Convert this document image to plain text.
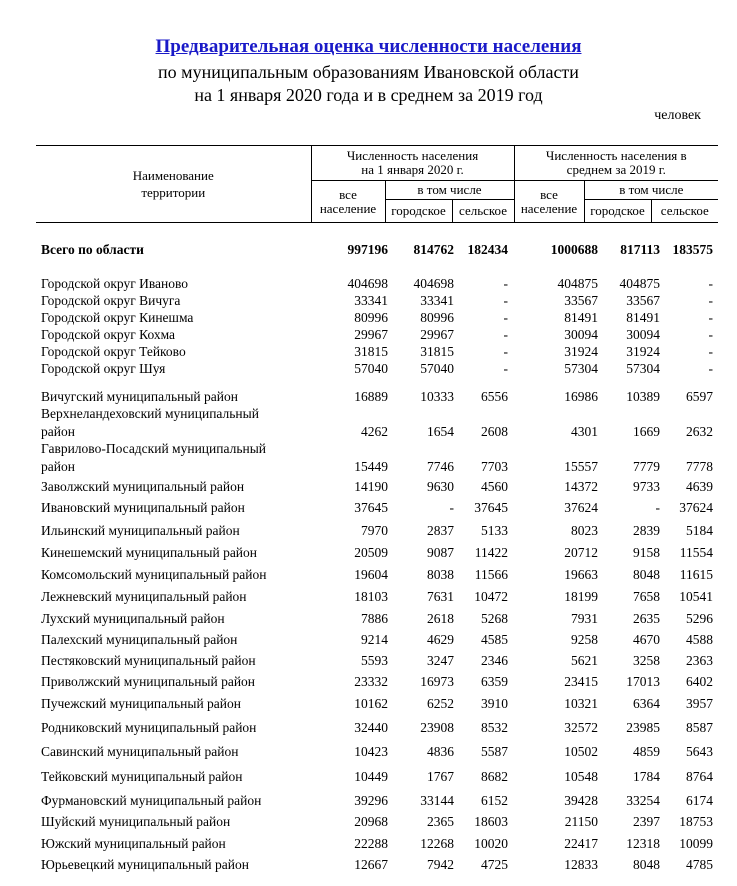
Предварительная оценка численности населения
по муниципальным образованиям Ивановской области
на 1 января 2020 года и в среднем за 2019 год
человек
Наименование
территории	Численность населения
на 1 января 2020 г.			Численность населения в
среднем за 2019 г.		
	все
население	в том числе		все
население	в том числе	
		городское	сельское		городское	сельское
Всего по области	997196 814762 182434	1000688 817113 183575
Городской округ Иваново	404698 404698	-	404875 404875	-
Городской округ Вичуга	33341 33341	-	33567 33567	-
Городской округ Кинешма	80996 80996	-	81491 81491	-
Городской округ Кохма	29967 29967	-	30094 30094	-
Городской округ Тейково	31815 31815	-	31924 31924	-
Городской округ Шуя	57040 57040	-	57304 57304	-
Вичугский муниципальный район	16889 10333 6556	16986 10389 6597
Верхнеландеховский муниципальный
район	4262	1654 2608	4301	1669 2632
Гаврилово-Посадский муниципальный
район	15449	7746 7703	15557	7779 7778
Заволжский муниципальный район	14190	9630 4560	14372	9733 4639
Ивановский муниципальный район	37645	- 37645	37624	- 37624
Ильинский муниципальный район	7970	2837 5133	8023	2839 5184
Кинешемский муниципальный район	20509	9087 11422	20712	9158 11554
Комсомольский муниципальный район	19604	8038 11566	19663	8048 11615
Лежневский муниципальный район	18103	7631 10472	18199	7658 10541
Лухский муниципальный район	7886	2618 5268	7931	2635 5296
Палехский муниципальный район	9214	4629 4585	9258	4670 4588
Пестяковский муниципальный район	5593	3247 2346	5621	3258 2363
Приволжский муниципальный район	23332 16973 6359	23415 17013 6402
Пучежский муниципальный район	10162	6252 3910	10321	6364 3957
Родниковский муниципальный район	32440 23908 8532	32572 23985 8587
Савинский муниципальный район	10423	4836 5587	10502	4859 5643
Тейковский муниципальный район	10449	1767 8682	10548	1784 8764
Фурмановский муниципальный район	39296 33144 6152	39428 33254 6174
Шуйский муниципальный район	20968	2365 18603	21150	2397 18753
Южский муниципальный район	22288 12268 10020	22417 12318 10099
Юрьевецкий муниципальный район	12667	7942 4725	12833	8048 4785
